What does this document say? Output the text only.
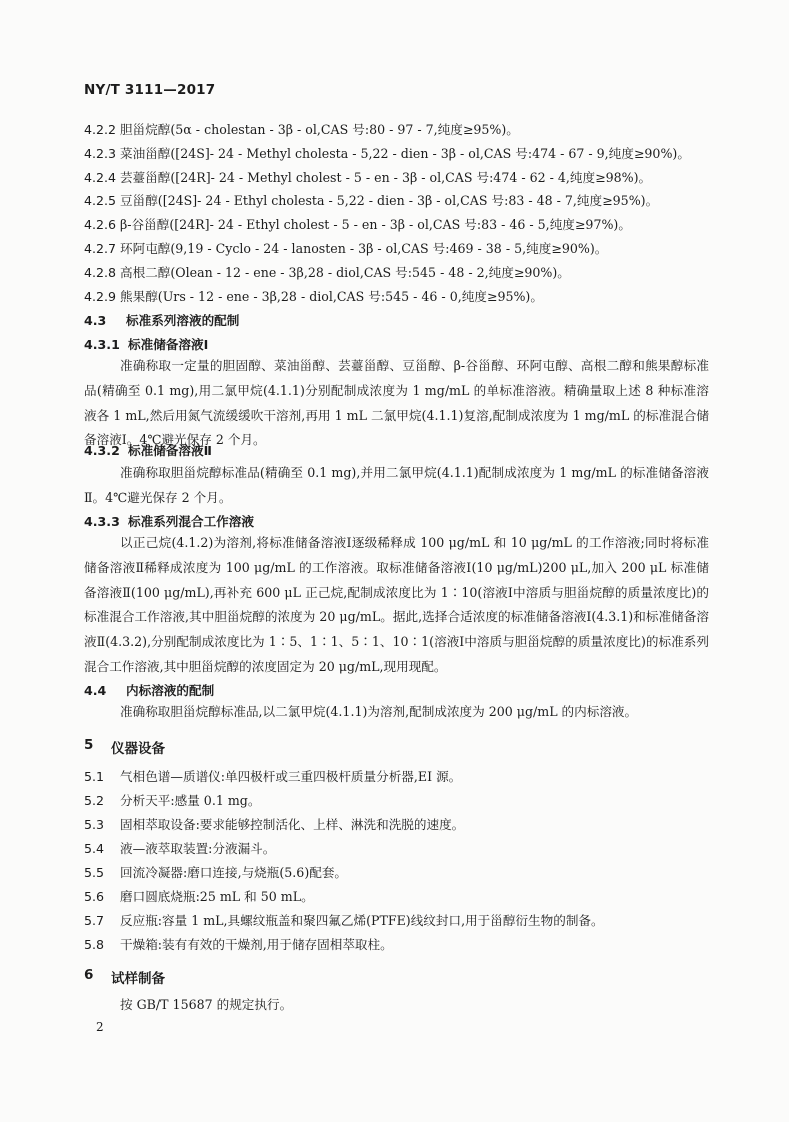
NY/T 3111—2017
4.2.2 胆甾烷醇(5α - cholestan - 3β - ol,CAS 号:80 - 97 - 7,纯度≥95%)。
4.2.3 菜油甾醇([24S]- 24 - Methyl cholesta - 5,22 - dien - 3β - ol,CAS 号:474 - 67 - 9,纯度≥90%)。
4.2.4 芸薹甾醇([24R]- 24 - Methyl cholest - 5 - en - 3β - ol,CAS 号:474 - 62 - 4,纯度≥98%)。
4.2.5 豆甾醇([24S]- 24 - Ethyl cholesta - 5,22 - dien - 3β - ol,CAS 号:83 - 48 - 7,纯度≥95%)。
4.2.6 β-谷甾醇([24R]- 24 - Ethyl cholest - 5 - en - 3β - ol,CAS 号:83 - 46 - 5,纯度≥97%)。
4.2.7 环阿屯醇(9,19 - Cyclo - 24 - lanosten - 3β - ol,CAS 号:469 - 38 - 5,纯度≥90%)。
4.2.8 高根二醇(Olean - 12 - ene - 3β,28 - diol,CAS 号:545 - 48 - 2,纯度≥90%)。
4.2.9 熊果醇(Urs - 12 - ene - 3β,28 - diol,CAS 号:545 - 46 - 0,纯度≥95%)。
4.3 标准系列溶液的配制
4.3.1 标准储备溶液Ⅰ
准确称取一定量的胆固醇、菜油甾醇、芸薹甾醇、豆甾醇、β-谷甾醇、环阿屯醇、高根二醇和熊果醇标准品(精确至 0.1 mg),用二氯甲烷(4.1.1)分别配制成浓度为 1 mg/mL 的单标准溶液。精确量取上述 8 种标准溶液各 1 mL,然后用氮气流缓缓吹干溶剂,再用 1 mL 二氯甲烷(4.1.1)复溶,配制成浓度为 1 mg/mL 的标准混合储备溶液Ⅰ。4℃避光保存 2 个月。
4.3.2 标准储备溶液Ⅱ
准确称取胆甾烷醇标准品(精确至 0.1 mg),并用二氯甲烷(4.1.1)配制成浓度为 1 mg/mL 的标准储备溶液Ⅱ。4℃避光保存 2 个月。
4.3.3 标准系列混合工作溶液
以正己烷(4.1.2)为溶剂,将标准储备溶液Ⅰ逐级稀释成 100 μg/mL 和 10 μg/mL 的工作溶液;同时将标准储备溶液Ⅱ稀释成浓度为 100 μg/mL 的工作溶液。取标准储备溶液Ⅰ(10 μg/mL)200 μL,加入 200 μL 标准储备溶液Ⅱ(100 μg/mL),再补充 600 μL 正己烷,配制成浓度比为 1∶10(溶液Ⅰ中溶质与胆甾烷醇的质量浓度比)的标准混合工作溶液,其中胆甾烷醇的浓度为 20 μg/mL。据此,选择合适浓度的标准储备溶液Ⅰ(4.3.1)和标准储备溶液Ⅱ(4.3.2),分别配制成浓度比为 1∶5、1∶1、5∶1、10∶1(溶液Ⅰ中溶质与胆甾烷醇的质量浓度比)的标准系列混合工作溶液,其中胆甾烷醇的浓度固定为 20 μg/mL,现用现配。
4.4 内标溶液的配制
准确称取胆甾烷醇标准品,以二氯甲烷(4.1.1)为溶剂,配制成浓度为 200 μg/mL 的内标溶液。
5 仪器设备
5.1 气相色谱—质谱仪:单四极杆或三重四极杆质量分析器,EI 源。
5.2 分析天平:感量 0.1 mg。
5.3 固相萃取设备:要求能够控制活化、上样、淋洗和洗脱的速度。
5.4 液—液萃取装置:分液漏斗。
5.5 回流冷凝器:磨口连接,与烧瓶(5.6)配套。
5.6 磨口圆底烧瓶:25 mL 和 50 mL。
5.7 反应瓶:容量 1 mL,具螺纹瓶盖和聚四氟乙烯(PTFE)线纹封口,用于甾醇衍生物的制备。
5.8 干燥箱:装有有效的干燥剂,用于储存固相萃取柱。
6 试样制备
按 GB/T 15687 的规定执行。
2
